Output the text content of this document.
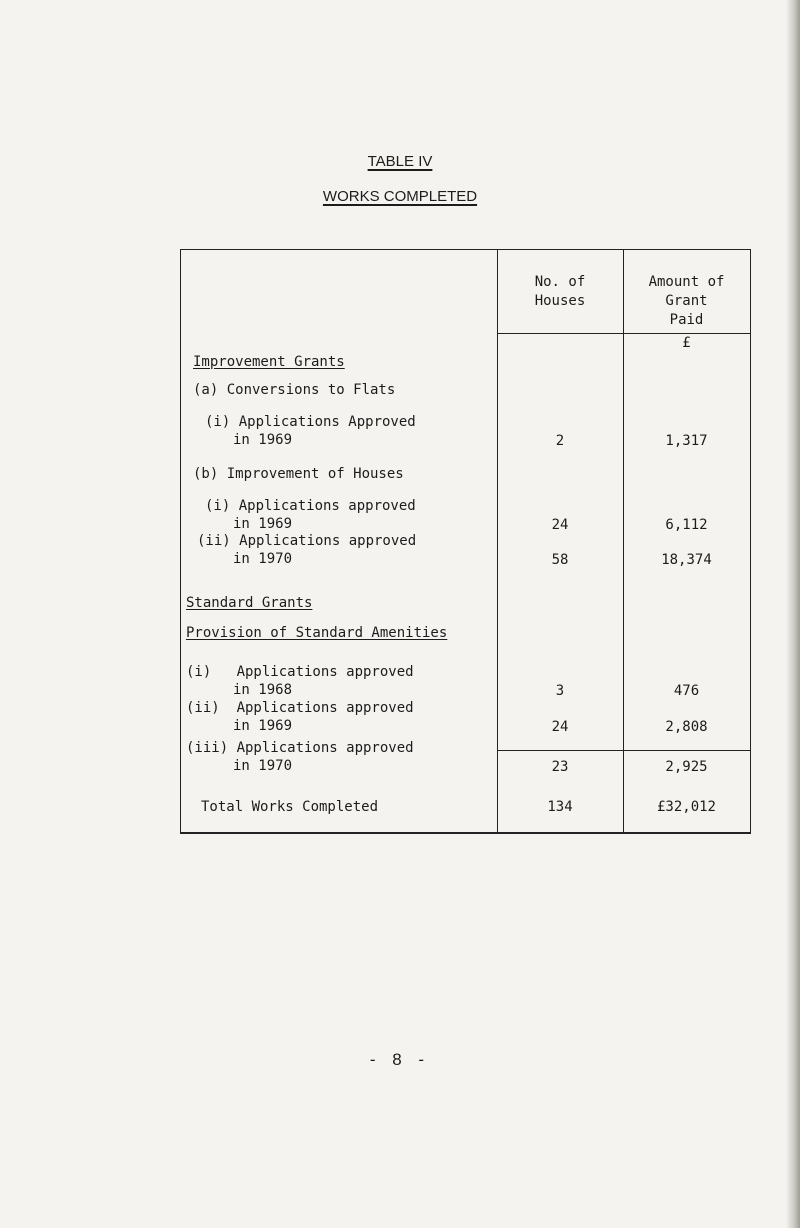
TABLE IV
WORKS COMPLETED
No. of
Houses
Amount of
Grant
Paid
£
Improvement Grants
(a) Conversions to Flats
(i) Applications Approved
in 1969	2	1,317
(b) Improvement of Houses
(i) Applications approved
in 1969	24	6,112
(ii) Applications approved
in 1970	58	18,374
Standard Grants
Provision of Standard Amenities
(i)   Applications approved
in 1968	3	476
(ii)  Applications approved
in 1969	24	2,808
(iii) Applications approved
in 1970	23	2,925
Total Works Completed	134	£32,012
- 8 -
